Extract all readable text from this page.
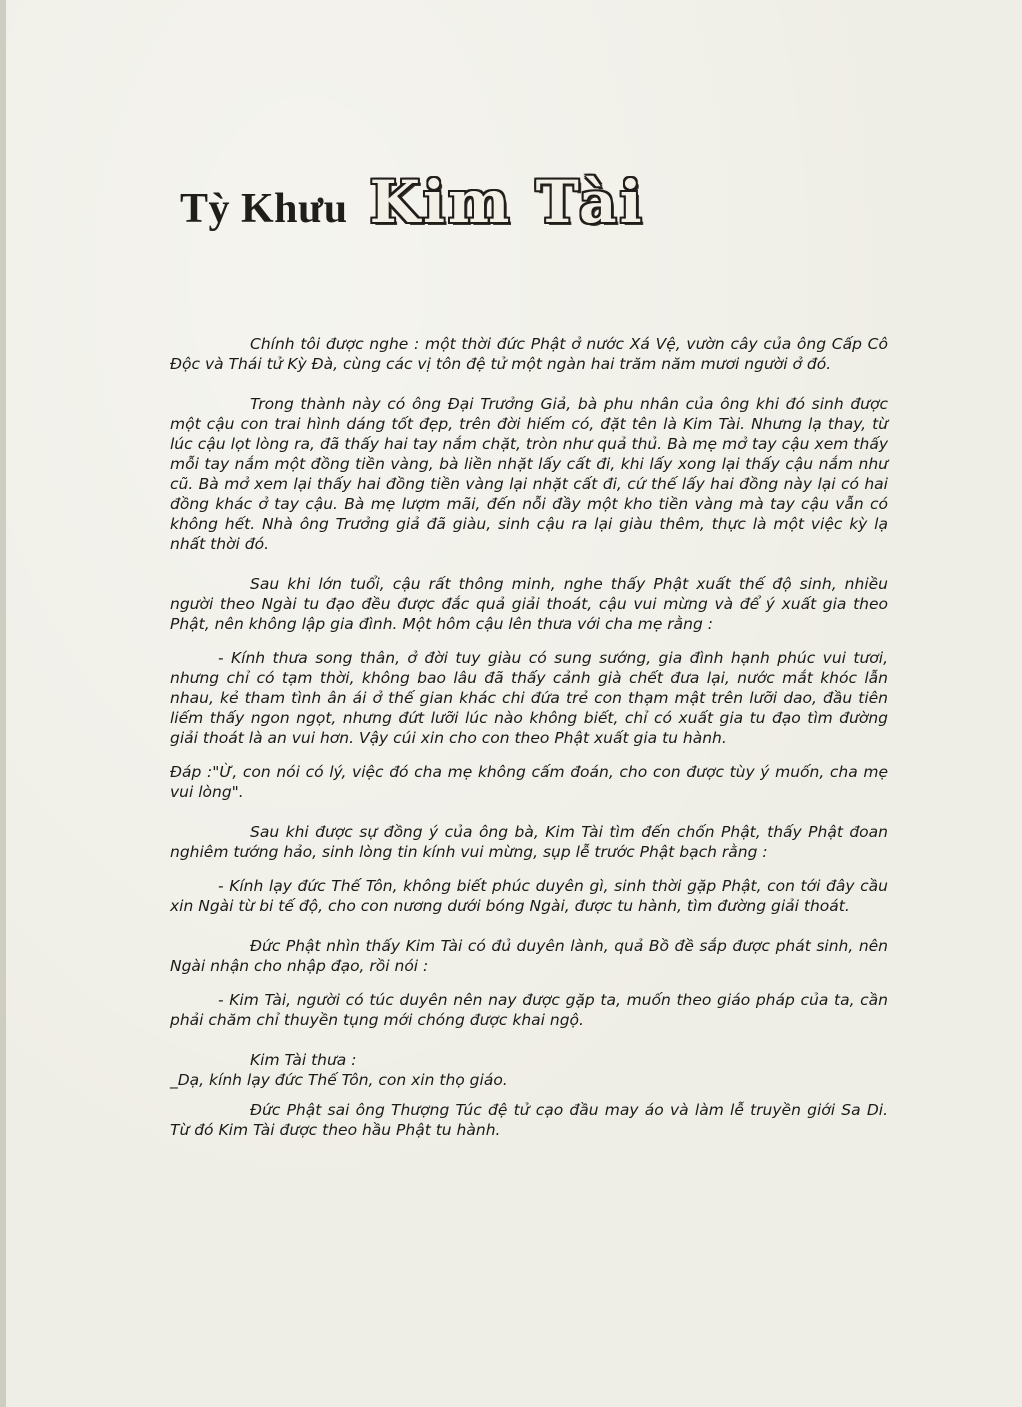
Tỳ Khưu Kim Tài

Chính tôi được nghe : một thời đức Phật ở nước Xá Vệ, vườn cây của ông Cấp Cô Độc và Thái tử Kỳ Đà, cùng các vị tôn đệ tử một ngàn hai trăm năm mươi người ở đó.

Trong thành này có ông Đại Trưởng Giả, bà phu nhân của ông khi đó sinh được một cậu con trai hình dáng tốt đẹp, trên đời hiếm có, đặt tên là Kim Tài. Nhưng lạ thay, từ lúc cậu lọt lòng ra, đã thấy hai tay nắm chặt, tròn như quả thủ. Bà mẹ mở tay cậu xem thấy mỗi tay nắm một đồng tiền vàng, bà liền nhặt lấy cất đi, khi lấy xong lại thấy cậu nắm như cũ. Bà mở xem lại thấy hai đồng tiền vàng lại nhặt cất đi, cứ thế lấy hai đồng này lại có hai đồng khác ở tay cậu. Bà mẹ lượm mãi, đến nỗi đầy một kho tiền vàng mà tay cậu vẫn có không hết. Nhà ông Trưởng giả đã giàu, sinh cậu ra lại giàu thêm, thực là một việc kỳ lạ nhất thời đó.

Sau khi lớn tuổi, cậu rất thông minh, nghe thấy Phật xuất thế độ sinh, nhiều người theo Ngài tu đạo đều được đắc quả giải thoát, cậu vui mừng và để ý xuất gia theo Phật, nên không lập gia đình. Một hôm cậu lên thưa với cha mẹ rằng :

- Kính thưa song thân, ở đời tuy giàu có sung sướng, gia đình hạnh phúc vui tươi, nhưng chỉ có tạm thời, không bao lâu đã thấy cảnh già chết đưa lại, nước mắt khóc lẫn nhau, kẻ tham tình ân ái ở thế gian khác chi đứa trẻ con thạm mật trên lưỡi dao, đầu tiên liếm thấy ngon ngọt, nhưng đứt lưỡi lúc nào không biết, chỉ có xuất gia tu đạo tìm đường giải thoát là an vui hơn. Vậy cúi xin cho con theo Phật xuất gia tu hành.

Đáp :"Ừ, con nói có lý, việc đó cha mẹ không cấm đoán, cho con được tùy ý muốn, cha mẹ vui lòng".

Sau khi được sự đồng ý của ông bà, Kim Tài tìm đến chốn Phật, thấy Phật đoan nghiêm tướng hảo, sinh lòng tin kính vui mừng, sụp lễ trước Phật bạch rằng :

- Kính lạy đức Thế Tôn, không biết phúc duyên gì, sinh thời gặp Phật, con tới đây cầu xin Ngài từ bi tế độ, cho con nương dưới bóng Ngài, được tu hành, tìm đường giải thoát.

Đức Phật nhìn thấy Kim Tài có đủ duyên lành, quả Bồ đề sắp được phát sinh, nên Ngài nhận cho nhập đạo, rồi nói :

- Kim Tài, người có túc duyên nên nay được gặp ta, muốn theo giáo pháp của ta, cần phải chăm chỉ thuyền tụng mới chóng được khai ngộ.

Kim Tài thưa :

_Dạ, kính lạy đức Thế Tôn, con xin thọ giáo.

Đức Phật sai ông Thượng Túc đệ tử cạo đầu may áo và làm lễ truyền giới Sa Di. Từ đó Kim Tài được theo hầu Phật tu hành.
